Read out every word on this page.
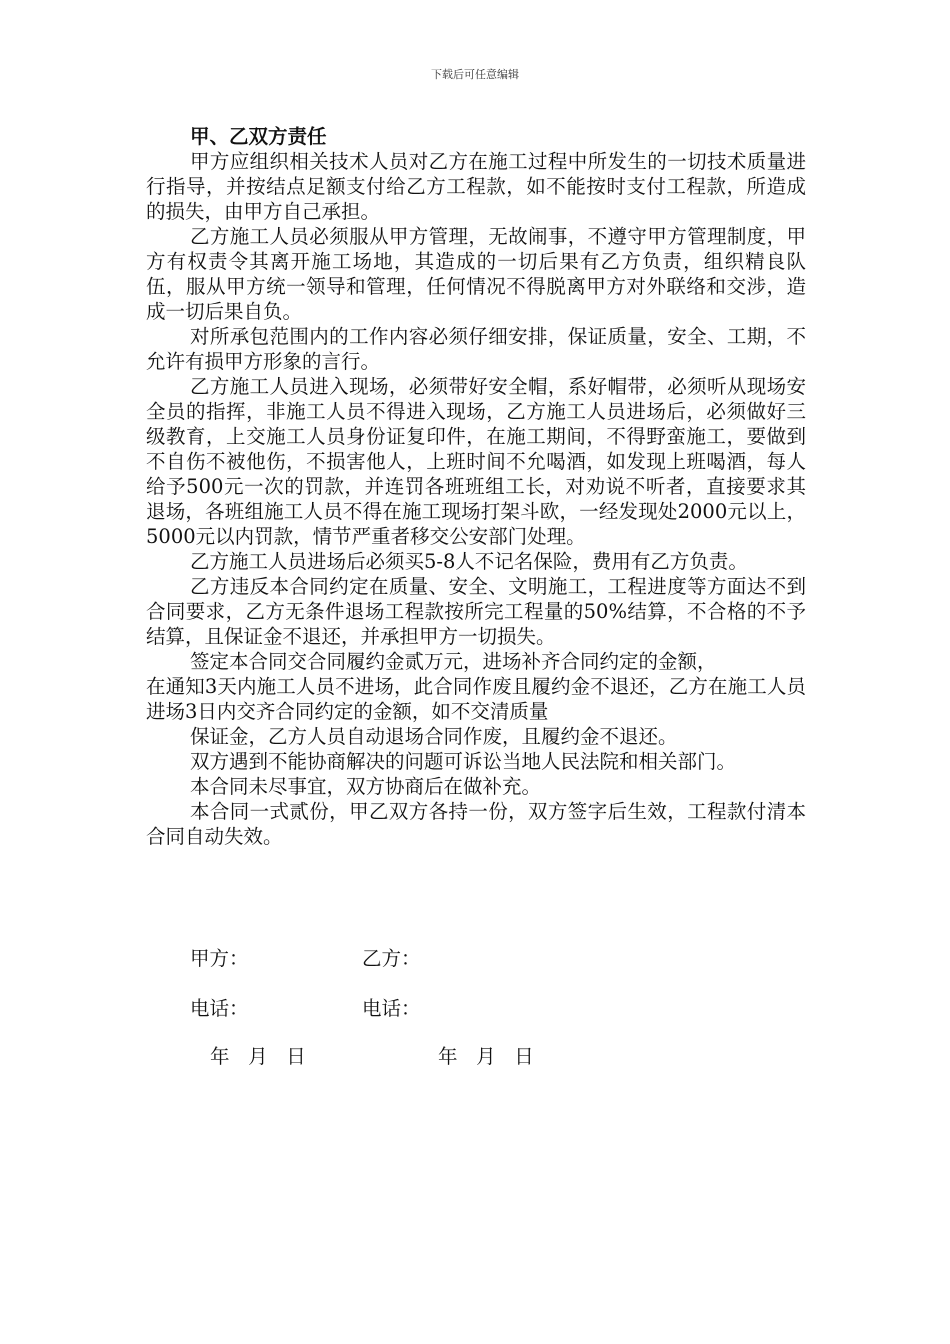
下载后可任意编辑

甲、乙双方责任

甲方应组织相关技术人员对乙方在施工过程中所发生的一切技术质量进行指导，并按结点足额支付给乙方工程款，如不能按时支付工程款，所造成的损失，由甲方自己承担。

乙方施工人员必须服从甲方管理，无故闹事，不遵守甲方管理制度，甲方有权责令其离开施工场地，其造成的一切后果有乙方负责，组织精良队伍，服从甲方统一领导和管理，任何情况不得脱离甲方对外联络和交涉，造成一切后果自负。

对所承包范围内的工作内容必须仔细安排，保证质量，安全、工期，不允许有损甲方形象的言行。

乙方施工人员进入现场，必须带好安全帽，系好帽带，必须听从现场安全员的指挥，非施工人员不得进入现场，乙方施工人员进场后，必须做好三级教育，上交施工人员身份证复印件，在施工期间，不得野蛮施工，要做到不自伤不被他伤，不损害他人，上班时间不允喝酒，如发现上班喝酒，每人给予500元一次的罚款，并连罚各班班组工长，对劝说不听者，直接要求其退场，各班组施工人员不得在施工现场打架斗欧，一经发现处2000元以上，5000元以内罚款，情节严重者移交公安部门处理。

乙方施工人员进场后必须买5-8人不记名保险，费用有乙方负责。

乙方违反本合同约定在质量、安全、文明施工，工程进度等方面达不到合同要求，乙方无条件退场工程款按所完工程量的50%结算，不合格的不予结算，且保证金不退还，并承担甲方一切损失。

签定本合同交合同履约金贰万元，进场补齐合同约定的金额，

在通知3天内施工人员不进场，此合同作废且履约金不退还，乙方在施工人员进场3日内交齐合同约定的金额，如不交清质量

保证金，乙方人员自动退场合同作废，且履约金不退还。

双方遇到不能协商解决的问题可诉讼当地人民法院和相关部门。

本合同未尽事宜，双方协商后在做补充。

本合同一式贰份，甲乙双方各持一份，双方签字后生效，工程款付清本合同自动失效。

甲方：	乙方：
电话：	电话：
年   月   日	年   月   日
